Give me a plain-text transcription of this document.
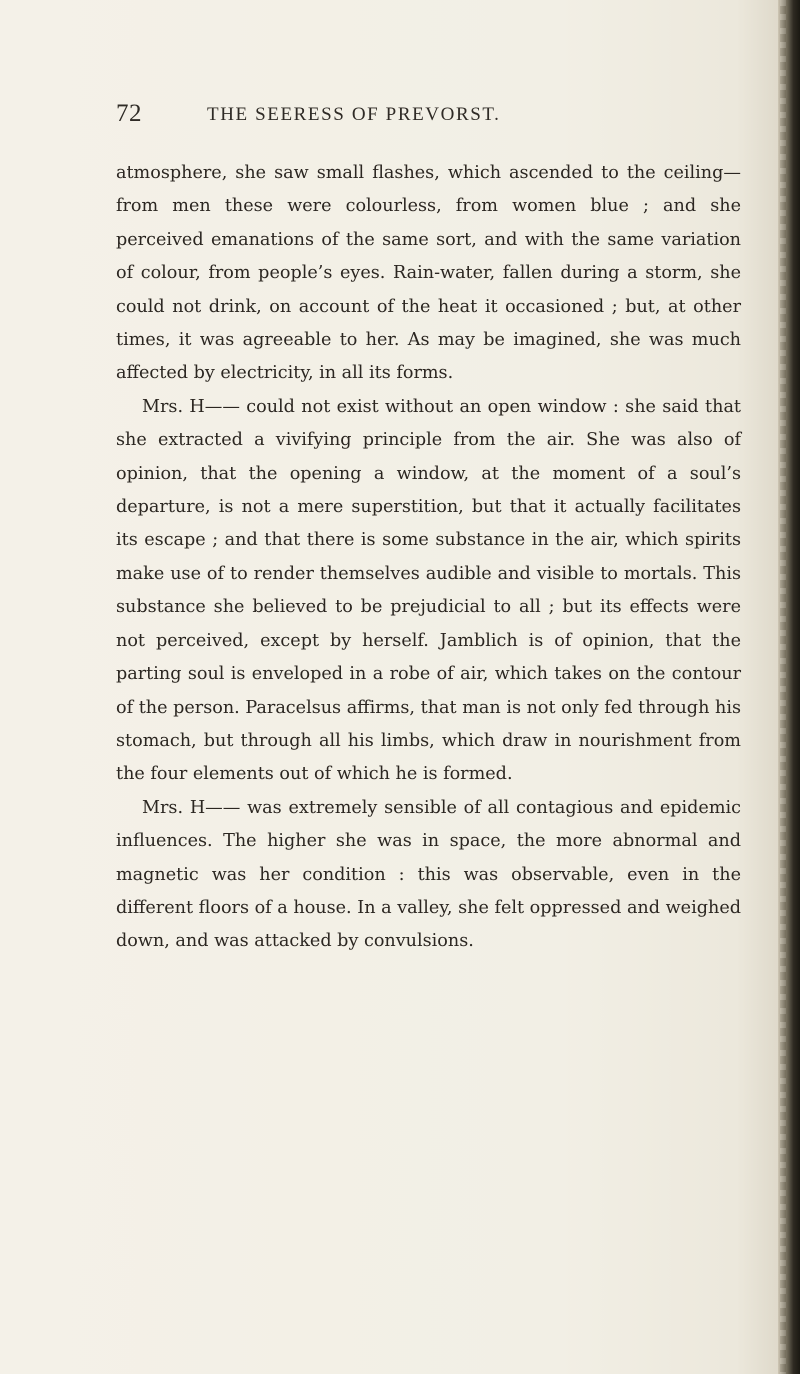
72	THE SEERESS OF PREVORST.

atmosphere, she saw small flashes, which ascended to the ceiling—from men these were colourless, from women blue ; and she perceived emanations of the same sort, and with the same variation of colour, from people’s eyes. Rain-water, fallen during a storm, she could not drink, on account of the heat it occasioned ; but, at other times, it was agreeable to her. As may be imagined, she was much affected by electricity, in all its forms.

Mrs. H—— could not exist without an open window : she said that she extracted a vivifying principle from the air. She was also of opinion, that the opening a window, at the moment of a soul’s departure, is not a mere superstition, but that it actually facilitates its escape ; and that there is some substance in the air, which spirits make use of to render themselves audible and visible to mortals. This substance she believed to be prejudicial to all ; but its effects were not perceived, except by herself. Jamblich is of opinion, that the parting soul is enveloped in a robe of air, which takes on the contour of the person. Paracelsus affirms, that man is not only fed through his stomach, but through all his limbs, which draw in nourishment from the four elements out of which he is formed.

Mrs. H—— was extremely sensible of all contagious and epidemic influences. The higher she was in space, the more abnormal and magnetic was her condition : this was observable, even in the different floors of a house. In a valley, she felt oppressed and weighed down, and was attacked by convulsions.
